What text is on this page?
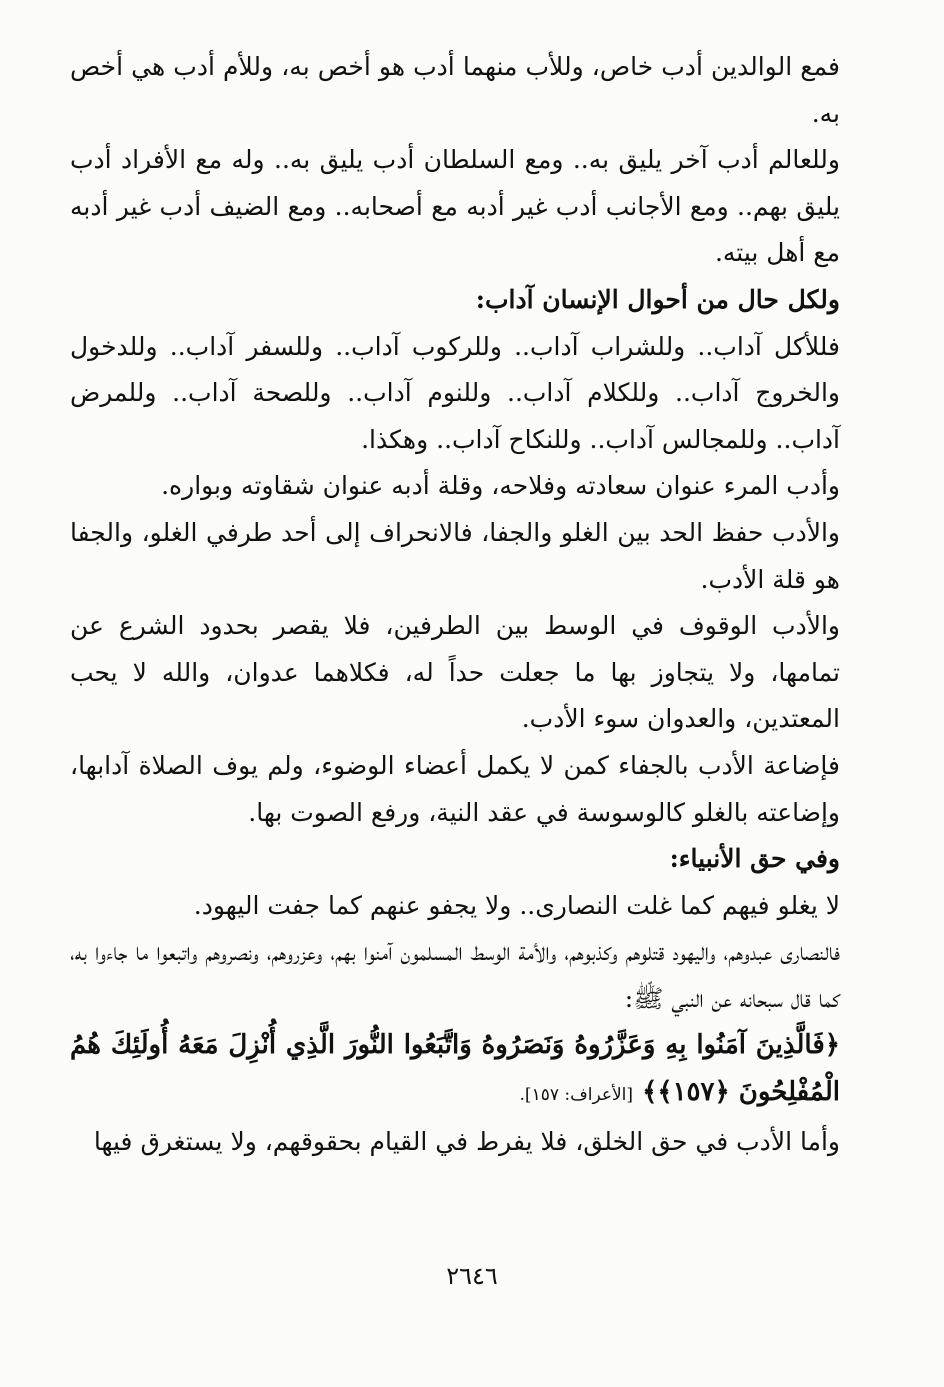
فمع الوالدين أدب خاص، وللأب منهما أدب هو أخص به، وللأم أدب هي أخص به.

وللعالم أدب آخر يليق به.. ومع السلطان أدب يليق به.. وله مع الأفراد أدب يليق بهم.. ومع الأجانب أدب غير أدبه مع أصحابه.. ومع الضيف أدب غير أدبه مع أهل بيته.

ولكل حال من أحوال الإنسان آداب:

فللأكل آداب.. وللشراب آداب.. وللركوب آداب.. وللسفر آداب.. وللدخول والخروج آداب.. وللكلام آداب.. وللنوم آداب.. وللصحة آداب.. وللمرض آداب.. وللمجالس آداب.. وللنكاح آداب.. وهكذا.

وأدب المرء عنوان سعادته وفلاحه، وقلة أدبه عنوان شقاوته وبواره.

والأدب حفظ الحد بين الغلو والجفا، فالانحراف إلى أحد طرفي الغلو، والجفا هو قلة الأدب.

والأدب الوقوف في الوسط بين الطرفين، فلا يقصر بحدود الشرع عن تمامها، ولا يتجاوز بها ما جعلت حداً له، فكلاهما عدوان، والله لا يحب المعتدين، والعدوان سوء الأدب.

فإضاعة الأدب بالجفاء كمن لا يكمل أعضاء الوضوء، ولم يوف الصلاة آدابها، وإضاعته بالغلو كالوسوسة في عقد النية، ورفع الصوت بها.

وفي حق الأنبياء:

لا يغلو فيهم كما غلت النصارى.. ولا يجفو عنهم كما جفت اليهود.

فالنصارى عبدوهم، واليهود قتلوهم وكذبوهم، والأمة الوسط المسلمون آمنوا بهم، وعزروهم، ونصروهم واتبعوا ما جاءوا به، كما قال سبحانه عن النبي ﷺ:

﴿فَالَّذِينَ آمَنُوا بِهِ وَعَزَّرُوهُ وَنَصَرُوهُ وَاتَّبَعُوا النُّورَ الَّذِي أُنْزِلَ مَعَهُ أُولَئِكَ هُمُ الْمُفْلِحُونَ ﴿١٥٧﴾﴾ [الأعراف: ١٥٧].

وأما الأدب في حق الخلق، فلا يفرط في القيام بحقوقهم، ولا يستغرق فيها

٢٦٤٦
